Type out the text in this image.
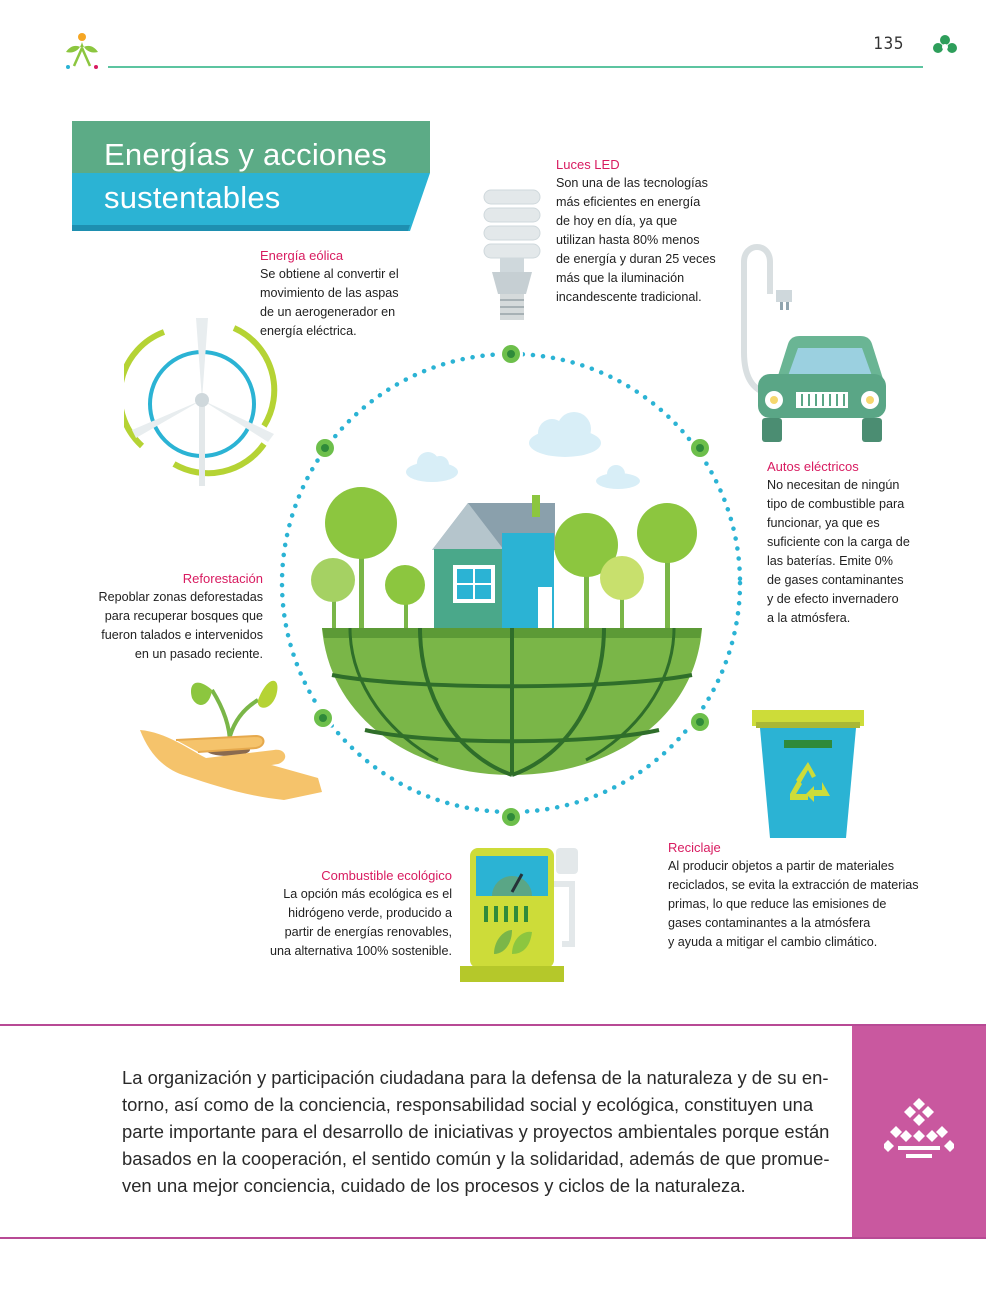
135
Energías y acciones
sustentables
Energía eólica
Se obtiene al convertir el
movimiento de las aspas
de un aerogenerador en
energía eléctrica.
Luces LED
Son una de las tecnologías
más eficientes en energía
de hoy en día, ya que
utilizan hasta 80% menos
de energía y duran 25 veces
más que la iluminación
incandescente tradicional.
Autos eléctricos
No necesitan de ningún
tipo de combustible para
funcionar, ya que es
suficiente con la carga de
las baterías. Emite 0%
de gases contaminantes
y de efecto invernadero
a la atmósfera.
Reforestación
Repoblar zonas deforestadas
para recuperar bosques que
fueron talados e intervenidos
en un pasado reciente.
Reciclaje
Al producir objetos a partir de materiales
reciclados, se evita la extracción de materias
primas, lo que reduce las emisiones de
gases contaminantes a la atmósfera
y ayuda a mitigar el cambio climático.
Combustible ecológico
La opción más ecológica es el
hidrógeno verde, producido a
partir de energías renovables,
una alternativa 100% sostenible.
La organización y participación ciudadana para la defensa de la naturaleza y de su en-
torno, así como de la conciencia, responsabilidad social y ecológica, constituyen una
parte importante para el desarrollo de iniciativas y proyectos ambientales porque están
basados en la cooperación, el sentido común y la solidaridad, además de que promue-
ven una mejor conciencia, cuidado de los procesos y ciclos de la naturaleza.
